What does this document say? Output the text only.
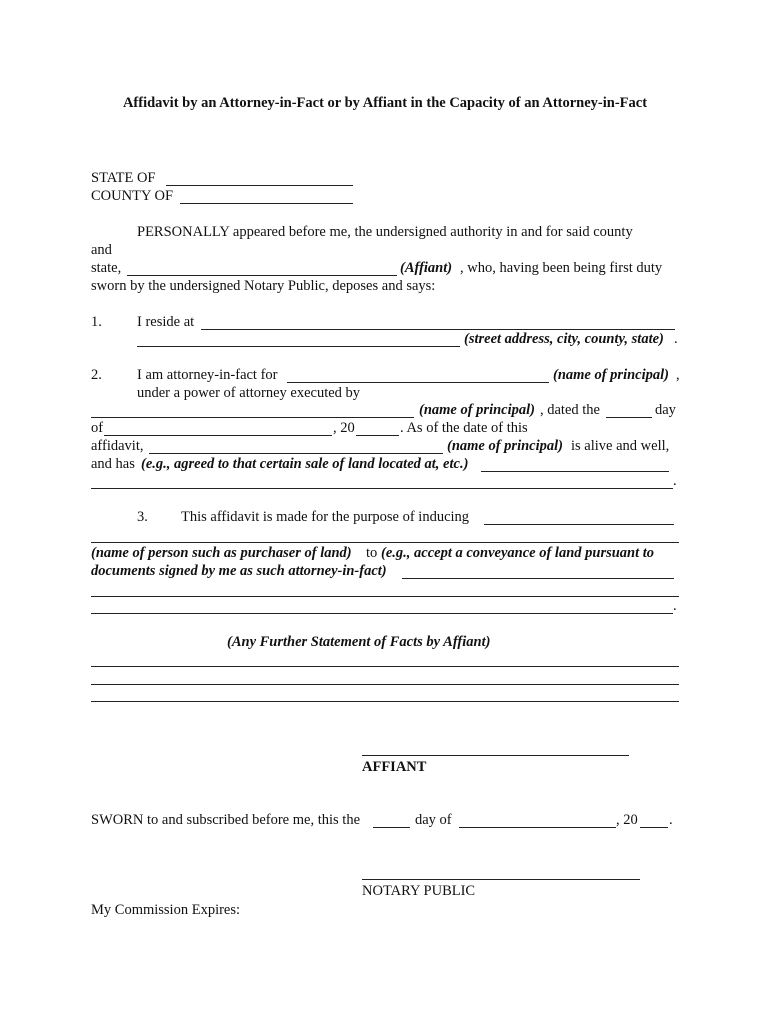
Affidavit by an Attorney-in-Fact or by Affiant in the Capacity of an Attorney-in-Fact
STATE OF
COUNTY OF
PERSONALLY appeared before me, the undersigned authority in and for said county
and
state,	(Affiant) , who, having been being first duty
sworn by the undersigned Notary Public, deposes and says:
1. I reside at
(street address, city, county, state) .
2. I am attorney-in-fact for	(name of principal) ,
under a power of attorney executed by
(name of principal) , dated the	day
of	, 20	. As of the date of this
affidavit,	(name of principal) is alive and well,
and has (e.g., agreed to that certain sale of land located at, etc.)
.
3. This affidavit is made for the purpose of inducing
(name of person such as purchaser of land) to (e.g., accept a conveyance of land pursuant to
documents signed by me as such attorney-in-fact)
.
(Any Further Statement of Facts by Affiant)
AFFIANT
SWORN to and subscribed before me, this the	day of	, 20 .
NOTARY PUBLIC
My Commission Expires:
